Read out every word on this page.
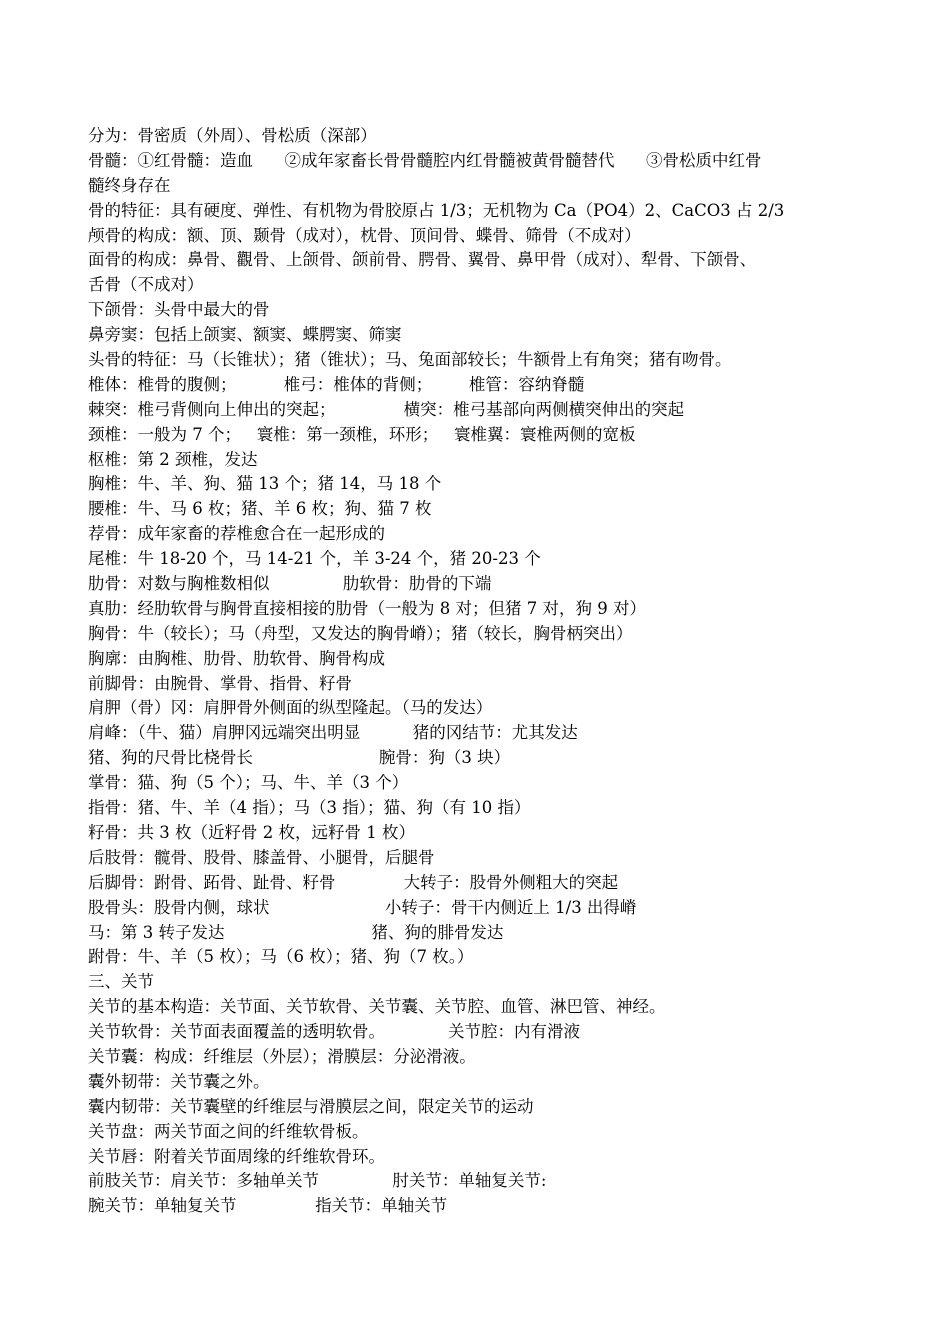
分为：骨密质（外周）、骨松质（深部）
骨髓：①红骨髓：造血      ②成年家畜长骨骨髓腔内红骨髓被黄骨髓替代      ③骨松质中红骨
髓终身存在
骨的特征：具有硬度、弹性、有机物为骨胶原占 1/3；无机物为 Ca（PO4）2、CaCO3 占 2/3
颅骨的构成：额、顶、颞骨（成对），枕骨、顶间骨、蝶骨、筛骨（不成对）
面骨的构成：鼻骨、觀骨、上颌骨、颌前骨、腭骨、翼骨、鼻甲骨（成对）、犁骨、下颌骨、
舌骨（不成对）
下颌骨：头骨中最大的骨
鼻旁窦：包括上颌窦、额窦、蝶腭窦、筛窦
头骨的特征：马（长锥状）；猪（锥状）；马、兔面部较长；牛额骨上有角突；猪有吻骨。
椎体：椎骨的腹侧；         椎弓：椎体的背侧；       椎管：容纳脊髓
棘突：椎弓背侧向上伸出的突起；             横突：椎弓基部向两侧横突伸出的突起
颈椎：一般为 7 个；   寰椎：第一颈椎，环形；   寰椎翼：寰椎两侧的宽板
枢椎：第 2 颈椎，发达
胸椎：牛、羊、狗、猫 13 个；猪 14，马 18 个
腰椎：牛、马 6 枚；猪、羊 6 枚；狗、猫 7 枚
荐骨：成年家畜的荐椎愈合在一起形成的
尾椎：牛 18-20 个，马 14-21 个，羊 3-24 个，猪 20-23 个
肋骨：对数与胸椎数相似              肋软骨：肋骨的下端
真肋：经肋软骨与胸骨直接相接的肋骨（一般为 8 对；但猪 7 对，狗 9 对）
胸骨：牛（较长）；马（舟型，又发达的胸骨嵴）；猪（较长，胸骨柄突出）
胸廓：由胸椎、肋骨、肋软骨、胸骨构成
前脚骨：由腕骨、掌骨、指骨、籽骨
肩胛（骨）冈：肩胛骨外侧面的纵型隆起。（马的发达）
肩峰：（牛、猫）肩胛冈远端突出明显          猪的冈结节：尤其发达
猪、狗的尺骨比桡骨长                        腕骨：狗（3 块）
掌骨：猫、狗（5 个）；马、牛、羊（3 个）
指骨：猪、牛、羊（4 指）；马（3 指）；猫、狗（有 10 指）
籽骨：共 3 枚（近籽骨 2 枚，远籽骨 1 枚）
后肢骨：髋骨、股骨、膝盖骨、小腿骨，后腿骨
后脚骨：跗骨、跖骨、趾骨、籽骨             大转子：股骨外侧粗大的突起
股骨头：股骨内侧，球状                      小转子：骨干内侧近上 1/3 出得嵴
马：第 3 转子发达                            猪、狗的腓骨发达
跗骨：牛、羊（5 枚）；马（6 枚）；猪、狗（7 枚。）
三、关节
关节的基本构造：关节面、关节软骨、关节囊、关节腔、血管、淋巴管、神经。
关节软骨：关节面表面覆盖的透明软骨。            关节腔：内有滑液
关节囊：构成：纤维层（外层）；滑膜层：分泌滑液。
囊外韧带：关节囊之外。
囊内韧带：关节囊壁的纤维层与滑膜层之间，限定关节的运动
关节盘：两关节面之间的纤维软骨板。
关节唇：附着关节面周缘的纤维软骨环。
前肢关节：肩关节：多轴单关节              肘关节：单轴复关节:
腕关节：单轴复关节               指关节：单轴关节
